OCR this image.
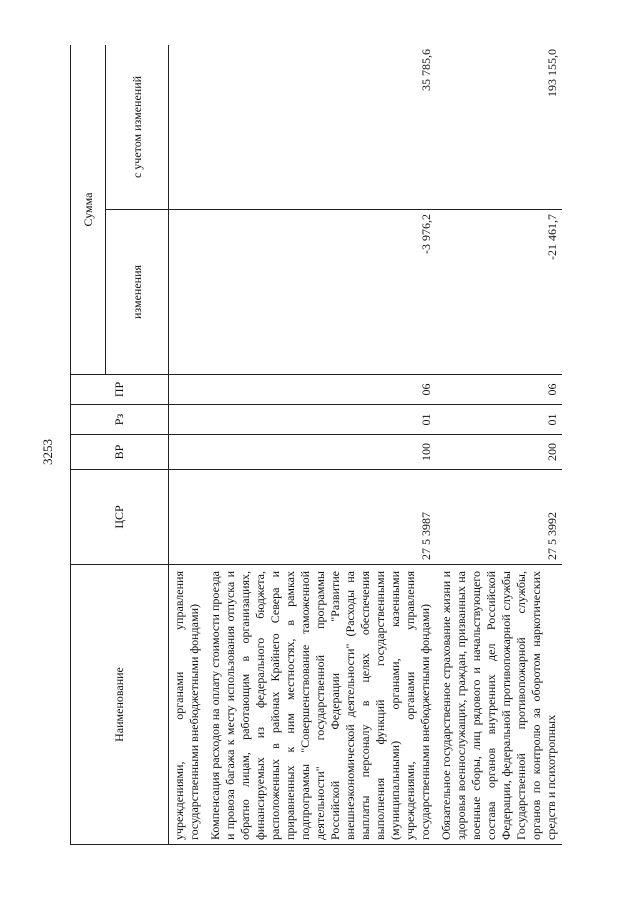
3253
Наименование	ЦСР	ВР	Рз	ПР	Сумма	
					изменения	с учетом изменений
учреждениями, органами управления государственными внебюджетными фондами)						
Компенсация расходов на оплату стоимости проезда и провоза багажа к месту использования отпуска и обратно лицам, работающим в организациях, финансируемых из федерального бюджета, расположенных в районах Крайнего Севера и приравненных к ним местностях, в рамках подпрограммы "Совершенствование таможенной деятельности" государственной программы Российской Федерации "Развитие внешнеэкономической деятельности" (Расходы на выплаты персоналу в целях обеспечения выполнения функций государственными (муниципальными) органами, казенными учреждениями, органами управления государственными внебюджетными фондами)	27 5 3987	100	01	06	-3 976,2	35 785,6
Обязательное государственное страхование жизни и здоровья военнослужащих, граждан, призванных на военные сборы, лиц рядового и начальствующего состава органов внутренних дел Российской Федерации, федеральной противопожарной службы Государственной противопожарной службы, органов по контролю за оборотом наркотических средств и психотропных	27 5 3992	200	01	06	-21 461,7	193 155,0
